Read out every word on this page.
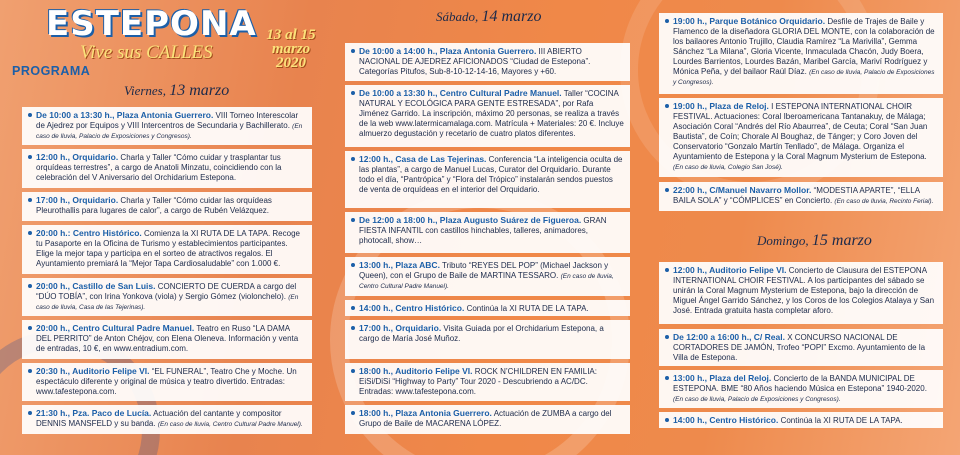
ESTEPONA
Vive sus CALLES
13 al 15 marzo 2020
PROGRAMA
Viernes, 13 marzo
Sábado, 14 marzo
Domingo, 15 marzo
De 10:00 a 13:30 h., Plaza Antonia Guerrero. VIII Torneo Interescolar de Ajedrez por Equipos y VIII Intercentros de Secundaria y Bachillerato. (En caso de lluvia, Palacio de Exposiciones y Congresos).
12:00 h., Orquidario. Charla y Taller “Cómo cuidar y trasplantar tus orquídeas terrestres”, a cargo de Anatoli Minzatu, coincidiendo con la celebración del V Aniversario del Orchidarium Estepona.
17:00 h., Orquidario. Charla y Taller “Cómo cuidar las orquídeas Pleurothallis para lugares de calor”, a cargo de Rubén Velázquez.
20:00 h.: Centro Histórico. Comienza la XI RUTA DE LA TAPA. Recoge tu Pasaporte en la Oficina de Turismo y establecimientos participantes. Elige la mejor tapa y participa en el sorteo de atractivos regalos. El Ayuntamiento premiará la “Mejor Tapa Cardiosaludable” con 1.000 €.
20:00 h., Castillo de San Luis. CONCIERTO DE CUERDA a cargo del “DÚO TOBÍA”, con Irina Yonkova (viola) y Sergio Gómez (violonchelo). (En caso de lluvia, Casa de las Tejerinas).
20:00 h., Centro Cultural Padre Manuel. Teatro en Ruso “LA DAMA DEL PERRITO” de Anton Chéjov, con Elena Oleneva. Información y venta de entradas, 10 €, en www.entradium.com.
20:30 h., Auditorio Felipe VI. “EL FUNERAL”, Teatro Che y Moche. Un espectáculo diferente y original de música y teatro divertido. Entradas: www.tafestepona.com.
21:30 h., Pza. Paco de Lucía. Actuación del cantante y compositor DENNIS MANSFELD y su banda. (En caso de lluvia, Centro Cultural Padre Manuel).
De 10:00 a 14:00 h., Plaza Antonia Guerrero. III ABIERTO NACIONAL DE AJEDREZ AFICIONADOS “Ciudad de Estepona”. Categorías Pitufos, Sub-8-10-12-14-16, Mayores y +60.
De 10:00 a 13:30 h., Centro Cultural Padre Manuel. Taller “COCINA NATURAL Y ECOLÓGICA PARA GENTE ESTRESADA”, por Rafa Jiménez Garrido. La inscripción, máximo 20 personas, se realiza a través de la web www.latermicamalaga.com. Matrícula + Materiales: 20 €. Incluye almuerzo degustación y recetario de cuatro platos diferentes.
12:00 h., Casa de Las Tejerinas. Conferencia “La inteligencia oculta de las plantas”, a cargo de Manuel Lucas, Curator del Orquidario. Durante todo el día, “Pantrópica” y “Flora del Trópico” instalarán sendos puestos de venta de orquídeas en el interior del Orquidario.
De 12:00 a 18:00 h., Plaza Augusto Suárez de Figueroa. GRAN FIESTA INFANTIL con castillos hinchables, talleres, animadores, photocall, show…
13:00 h., Plaza ABC. Tributo “REYES DEL POP” (Michael Jackson y Queen), con el Grupo de Baile de MARTINA TESSARO. (En caso de lluvia, Centro Cultural Padre Manuel).
14:00 h., Centro Histórico. Continúa la XI RUTA DE LA TAPA.
17:00 h., Orquidario. Visita Guiada por el Orchidarium Estepona, a cargo de María José Muñoz.
18:00 h., Auditorio Felipe VI. ROCK N’CHILDREN EN FAMILIA: EiSi/DiSi “Highway to Party” Tour 2020 - Descubriendo a AC/DC. Entradas: www.tafestepona.com.
18:00 h., Plaza Antonia Guerrero. Actuación de ZUMBA a cargo del Grupo de Baile de MACARENA LÓPEZ.
19:00 h., Parque Botánico Orquidario. Desfile de Trajes de Baile y Flamenco de la diseñadora GLORIA DEL MONTE, con la colaboración de los bailaores Antonio Trujillo, Claudia Ramírez “La Marivilla”, Gemma Sánchez “La Milana”, Gloria Vicente, Inmaculada Chacón, Judy Boera, Lourdes Barrientos, Lourdes Bazán, Maribel García, Mariví Rodríguez y Mónica Peña, y del bailaor Raúl Díaz. (En caso de lluvia, Palacio de Exposiciones y Congresos).
19:00 h., Plaza de Reloj. I ESTEPONA INTERNATIONAL CHOIR FESTIVAL. Actuaciones: Coral Iberoamericana Tantanakuy, de Málaga; Asociación Coral “Andrés del Río Abaurrea”, de Ceuta; Coral “San Juan Bautista”, de Coín; Chorale Al Boughaz, de Tánger; y Coro Joven del Conservatorio “Gonzalo Martín Tenllado”, de Málaga. Organiza el Ayuntamiento de Estepona y la Coral Magnum Mysterium de Estepona. (En caso de lluvia, Colegio San José).
22:00 h., C/Manuel Navarro Mollor. “MODESTIA APARTE”, “ELLA BAILA SOLA” y “CÓMPLICES” en Concierto. (En caso de lluvia, Recinto Ferial).
12:00 h., Auditorio Felipe VI. Concierto de Clausura del ESTEPONA INTERNATIONAL CHOIR FESTIVAL. A los participantes del sábado se unirán la Coral Magnum Mysterium de Estepona, bajo la dirección de Miguel Ángel Garrido Sánchez, y los Coros de los Colegios Atalaya y San José. Entrada gratuita hasta completar aforo.
De 12:00 a 16:00 h., C/ Real. X CONCURSO NACIONAL DE CORTADORES DE JAMÓN, Trofeo “POPI” Excmo. Ayuntamiento de la Villa de Estepona.
13:00 h., Plaza del Reloj. Concierto de la BANDA MUNICIPAL DE ESTEPONA. BME “80 Años haciendo Música en Estepona” 1940-2020. (En caso de lluvia, Palacio de Exposiciones y Congresos).
14:00 h., Centro Histórico. Continúa la XI RUTA DE LA TAPA.
